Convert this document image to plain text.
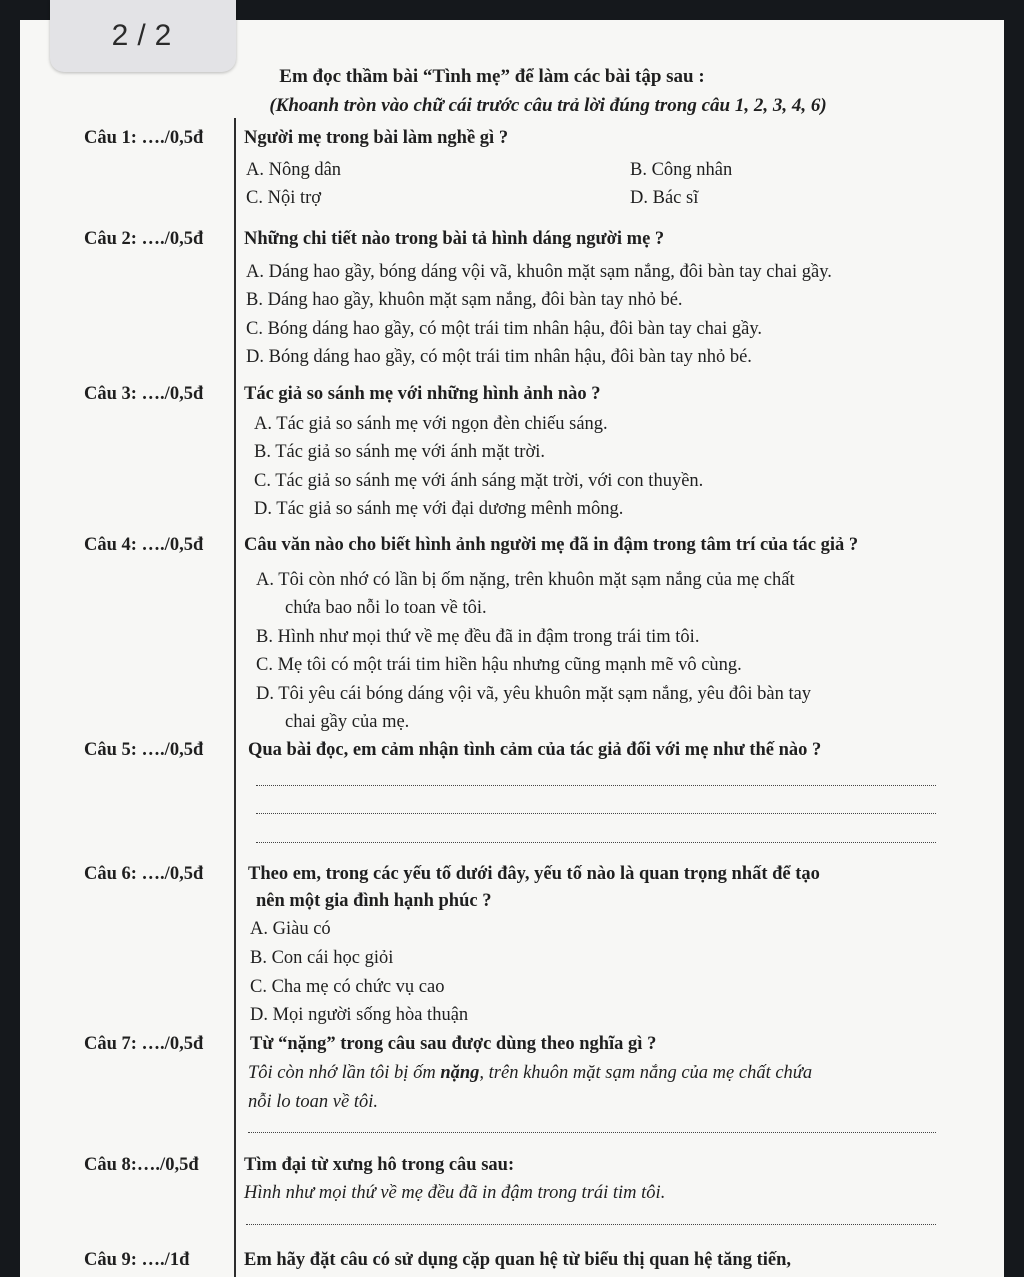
2 / 2
Em đọc thầm bài “Tình mẹ” để làm các bài tập sau :
(Khoanh tròn vào chữ cái trước câu trả lời đúng trong câu 1, 2, 3, 4, 6)
Câu 1: …./0,5đ Người mẹ trong bài làm nghề gì ?
A. Nông dân	B. Công nhân
C. Nội trợ	D. Bác sĩ
Câu 2: …./0,5đ Những chi tiết nào trong bài tả hình dáng người mẹ ?
A. Dáng hao gầy, bóng dáng vội vã, khuôn mặt sạm nắng, đôi bàn tay chai gầy.
B. Dáng hao gầy, khuôn mặt sạm nắng, đôi bàn tay nhỏ bé.
C. Bóng dáng hao gầy, có một trái tim nhân hậu, đôi bàn tay chai gầy.
D. Bóng dáng hao gầy, có một trái tim nhân hậu, đôi bàn tay nhỏ bé.
Câu 3: …./0,5đ Tác giả so sánh mẹ với những hình ảnh nào ?
A. Tác giả so sánh mẹ với ngọn đèn chiếu sáng.
B. Tác giả so sánh mẹ với ánh mặt trời.
C. Tác giả so sánh mẹ với ánh sáng mặt trời, với con thuyền.
D. Tác giả so sánh mẹ với đại dương mênh mông.
Câu 4: …./0,5đ Câu văn nào cho biết hình ảnh người mẹ đã in đậm trong tâm trí của tác giả ?
A. Tôi còn nhớ có lần bị ốm nặng, trên khuôn mặt sạm nắng của mẹ chất
chứa bao nỗi lo toan về tôi.
B. Hình như mọi thứ về mẹ đều đã in đậm trong trái tim tôi.
C. Mẹ tôi có một trái tim hiền hậu nhưng cũng mạnh mẽ vô cùng.
D. Tôi yêu cái bóng dáng vội vã, yêu khuôn mặt sạm nắng, yêu đôi bàn tay
chai gầy của mẹ.
Câu 5: …./0,5đ Qua bài đọc, em cảm nhận tình cảm của tác giả đối với mẹ như thế nào ?
Câu 6: …./0,5đ Theo em, trong các yếu tố dưới đây, yếu tố nào là quan trọng nhất để tạo
nên một gia đình hạnh phúc ?
A. Giàu có
B. Con cái học giỏi
C. Cha mẹ có chức vụ cao
D. Mọi người sống hòa thuận
Câu 7: …./0,5đ	Từ “nặng” trong câu sau được dùng theo nghĩa gì ?
Tôi còn nhớ lần tôi bị ốm nặng, trên khuôn mặt sạm nắng của mẹ chất chứa
nỗi lo toan về tôi.
Câu 8:…./0,5đ Tìm đại từ xưng hô trong câu sau:
Hình như mọi thứ về mẹ đều đã in đậm trong trái tim tôi.
Câu 9: …./1đ	Em hãy đặt câu có sử dụng cặp quan hệ từ biểu thị quan hệ tăng tiến,
